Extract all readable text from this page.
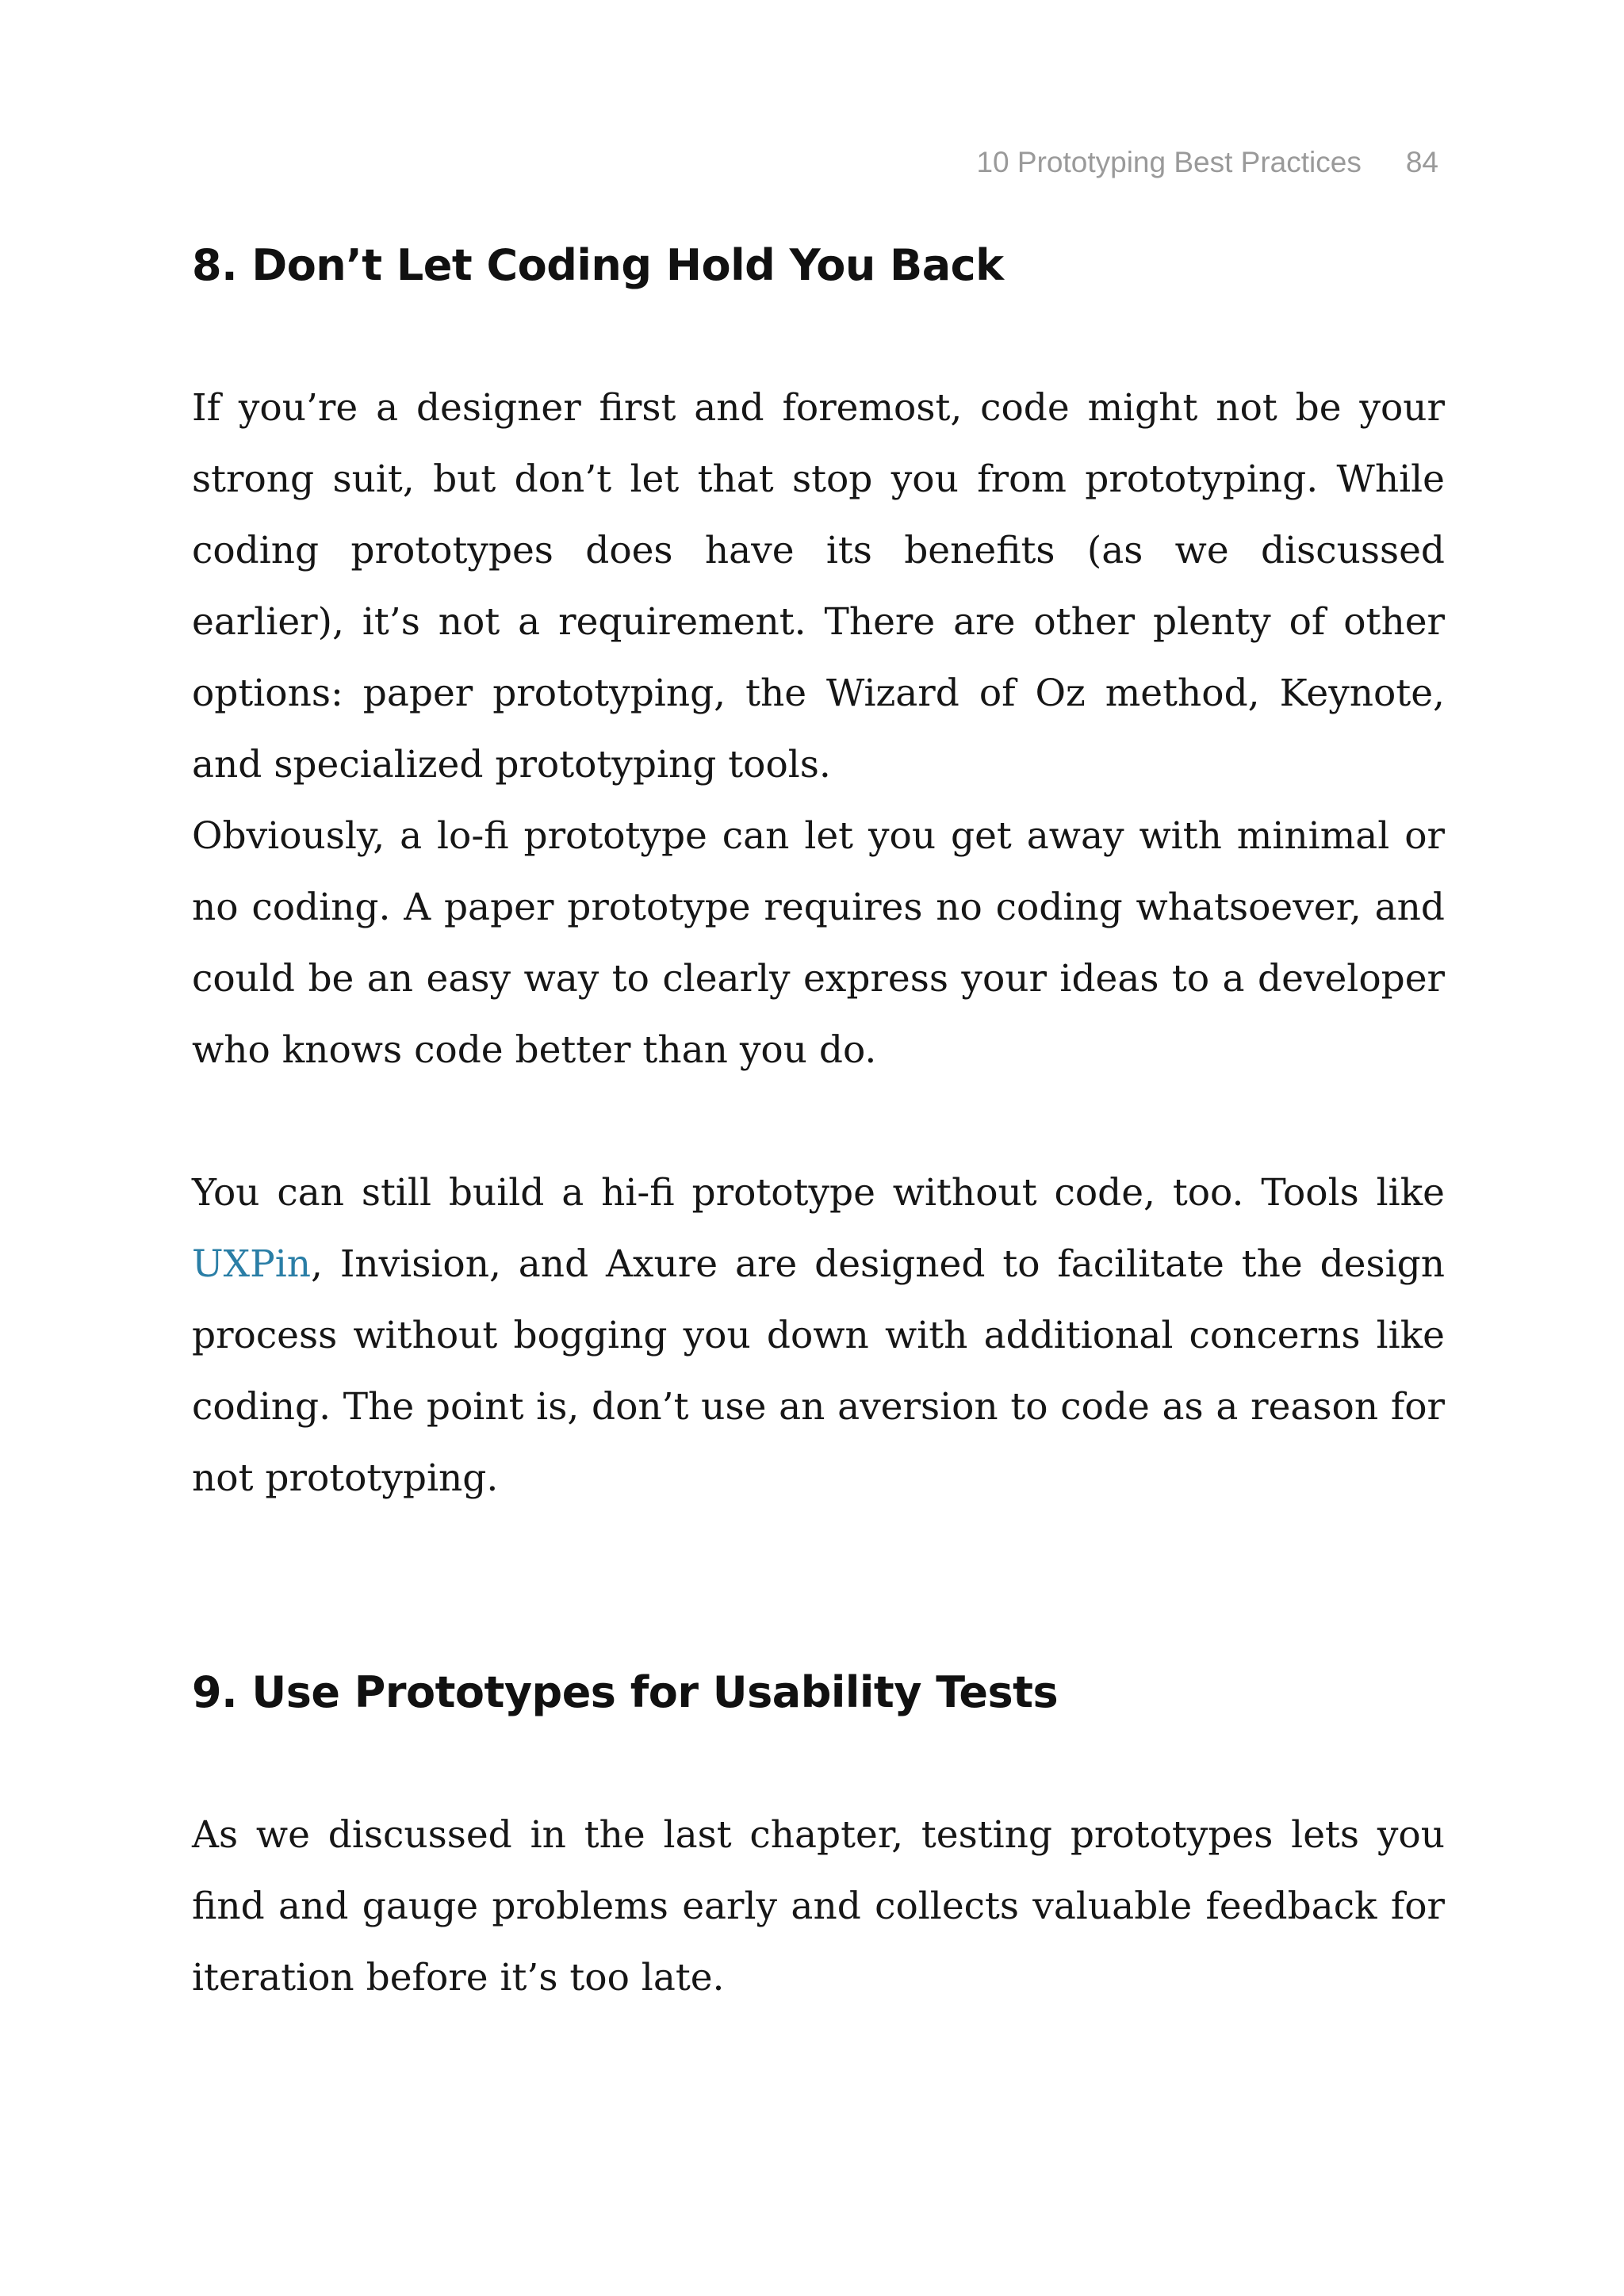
10 Prototyping Best Practices 84
8. Don’t Let Coding Hold You Back

If you’re a designer first and foremost, code might not be your strong suit, but don’t let that stop you from prototyping. While coding prototypes does have its benefits (as we discussed earlier), it’s not a requirement. There are other plenty of other options: paper prototyping, the Wizard of Oz method, Keynote, and specialized prototyping tools.

Obviously, a lo-fi prototype can let you get away with minimal or no coding. A paper prototype requires no coding whatsoever, and could be an easy way to clearly express your ideas to a developer who knows code better than you do.

You can still build a hi-fi prototype without code, too. Tools like UXPin, Invision, and Axure are designed to facilitate the design process without bogging you down with additional concerns like coding. The point is, don’t use an aversion to code as a reason for not prototyping.

9. Use Prototypes for Usability Tests

As we discussed in the last chapter, testing prototypes lets you find and gauge problems early and collects valuable feedback for iteration before it’s too late.
